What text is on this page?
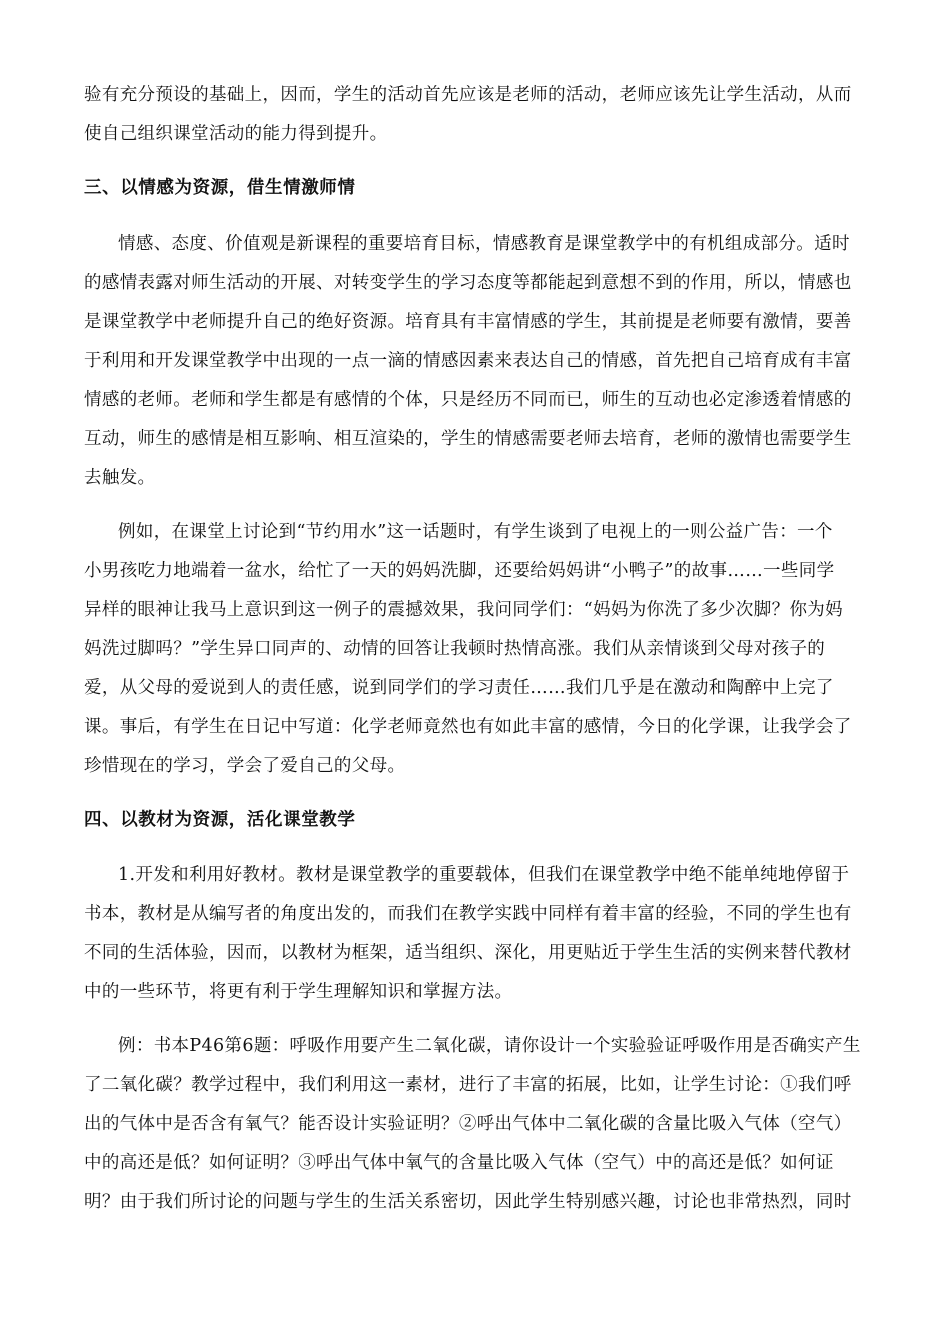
验有充分预设的基础上，因而，学生的活动首先应该是老师的活动，老师应该先让学生活动，从而
使自己组织课堂活动的能力得到提升。
三、以情感为资源，借生情激师情
情感、态度、价值观是新课程的重要培育目标，情感教育是课堂教学中的有机组成部分。适时
的感情表露对师生活动的开展、对转变学生的学习态度等都能起到意想不到的作用，所以，情感也
是课堂教学中老师提升自己的绝好资源。培育具有丰富情感的学生，其前提是老师要有激情，要善
于利用和开发课堂教学中出现的一点一滴的情感因素来表达自己的情感，首先把自己培育成有丰富
情感的老师。老师和学生都是有感情的个体，只是经历不同而已，师生的互动也必定渗透着情感的
互动，师生的感情是相互影响、相互渲染的，学生的情感需要老师去培育，老师的激情也需要学生
去触发。
例如，在课堂上讨论到“节约用水”这一话题时，有学生谈到了电视上的一则公益广告：一个
小男孩吃力地端着一盆水，给忙了一天的妈妈洗脚，还要给妈妈讲“小鸭子”的故事……一些同学
异样的眼神让我马上意识到这一例子的震撼效果，我问同学们：“妈妈为你洗了多少次脚？你为妈
妈洗过脚吗？”学生异口同声的、动情的回答让我顿时热情高涨。我们从亲情谈到父母对孩子的
爱，从父母的爱说到人的责任感，说到同学们的学习责任……我们几乎是在激动和陶醉中上完了
课。事后，有学生在日记中写道：化学老师竟然也有如此丰富的感情，今日的化学课，让我学会了
珍惜现在的学习，学会了爱自己的父母。
四、以教材为资源，活化课堂教学
1.开发和利用好教材。教材是课堂教学的重要载体，但我们在课堂教学中绝不能单纯地停留于
书本，教材是从编写者的角度出发的，而我们在教学实践中同样有着丰富的经验，不同的学生也有
不同的生活体验，因而，以教材为框架，适当组织、深化，用更贴近于学生生活的实例来替代教材
中的一些环节，将更有利于学生理解知识和掌握方法。
例：书本P46第6题：呼吸作用要产生二氧化碳，请你设计一个实验验证呼吸作用是否确实产生
了二氧化碳？教学过程中，我们利用这一素材，进行了丰富的拓展，比如，让学生讨论：①我们呼
出的气体中是否含有氧气？能否设计实验证明？②呼出气体中二氧化碳的含量比吸入气体（空气）
中的高还是低？如何证明？③呼出气体中氧气的含量比吸入气体（空气）中的高还是低？如何证
明？由于我们所讨论的问题与学生的生活关系密切，因此学生特别感兴趣，讨论也非常热烈，同时
